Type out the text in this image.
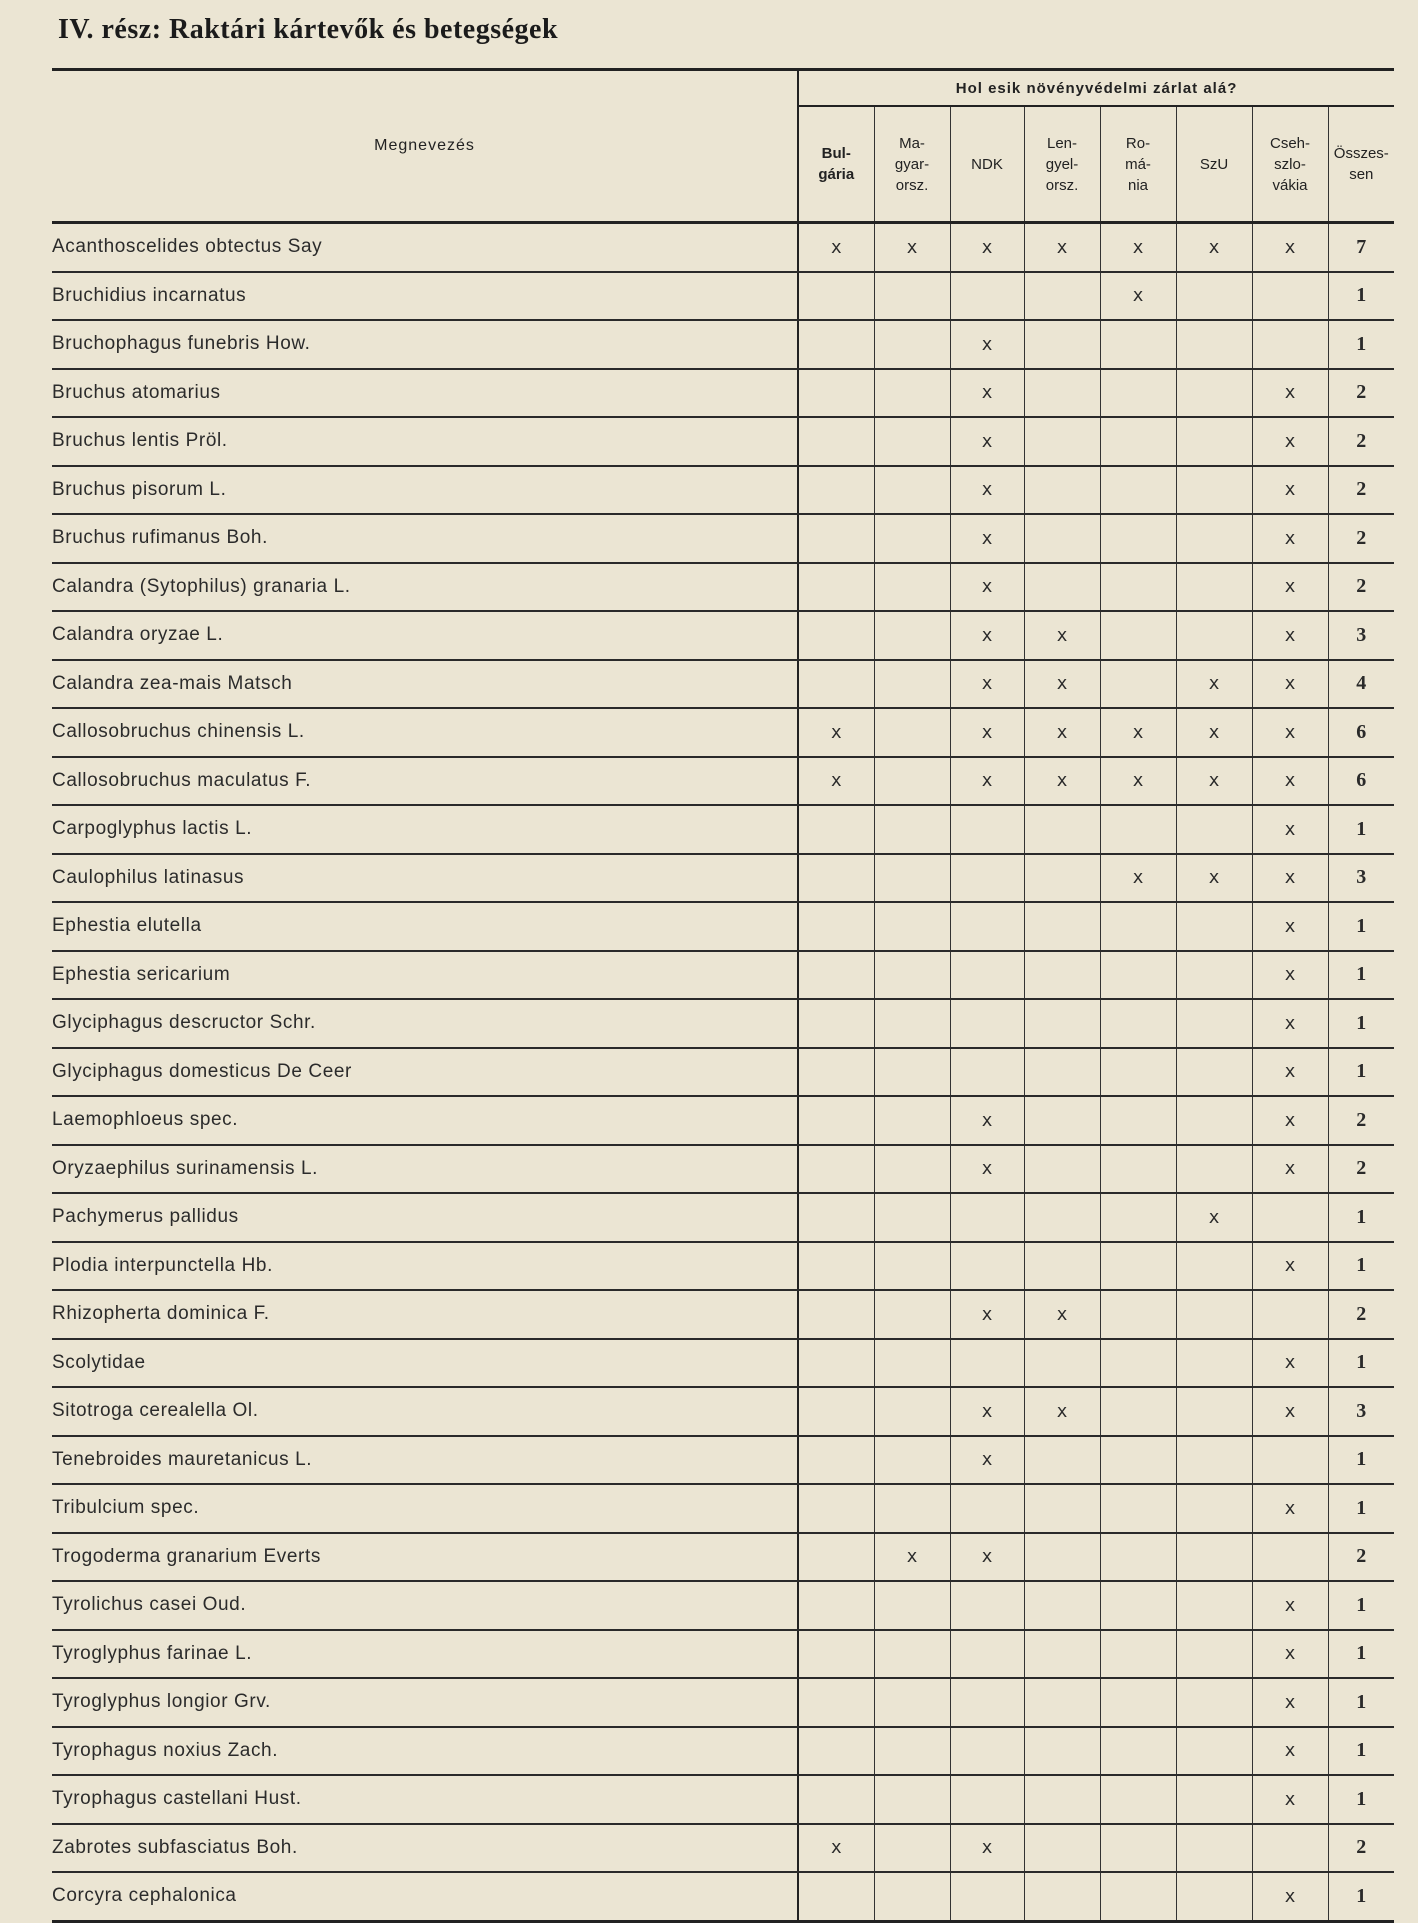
IV. rész: Raktári kártevők és betegségek
Megnevezés	Hol esik növényvédelmi zárlat alá?							
	Bul-
gária	Ma-
gyar-
orsz.	NDK	Len-
gyel-
orsz.	Ro-
má-
nia	SzU	Cseh-
szlo-
vákia	Összes-
sen
Acanthoscelides obtectus Say	x	x	x	x	x	x	x	7
Bruchidius incarnatus					x			1
Bruchophagus funebris How.			x					1
Bruchus atomarius			x				x	2
Bruchus lentis Pröl.			x				x	2
Bruchus pisorum L.			x				x	2
Bruchus rufimanus Boh.			x				x	2
Calandra (Sytophilus) granaria L.			x				x	2
Calandra oryzae L.			x	x			x	3
Calandra zea-mais Matsch			x	x		x	x	4
Callosobruchus chinensis L.	x		x	x	x	x	x	6
Callosobruchus maculatus F.	x		x	x	x	x	x	6
Carpoglyphus lactis L.							x	1
Caulophilus latinasus					x	x	x	3
Ephestia elutella							x	1
Ephestia sericarium							x	1
Glyciphagus descructor Schr.							x	1
Glyciphagus domesticus De Ceer							x	1
Laemophloeus spec.			x				x	2
Oryzaephilus surinamensis L.			x				x	2
Pachymerus pallidus						x		1
Plodia interpunctella Hb.							x	1
Rhizopherta dominica F.			x	x				2
Scolytidae							x	1
Sitotroga cerealella Ol.			x	x			x	3
Tenebroides mauretanicus L.			x					1
Tribulcium spec.							x	1
Trogoderma granarium Everts		x	x					2
Tyrolichus casei Oud.							x	1
Tyroglyphus farinae L.							x	1
Tyroglyphus longior Grv.							x	1
Tyrophagus noxius Zach.							x	1
Tyrophagus castellani Hust.							x	1
Zabrotes subfasciatus Boh.	x		x					2
Corcyra cephalonica							x	1
